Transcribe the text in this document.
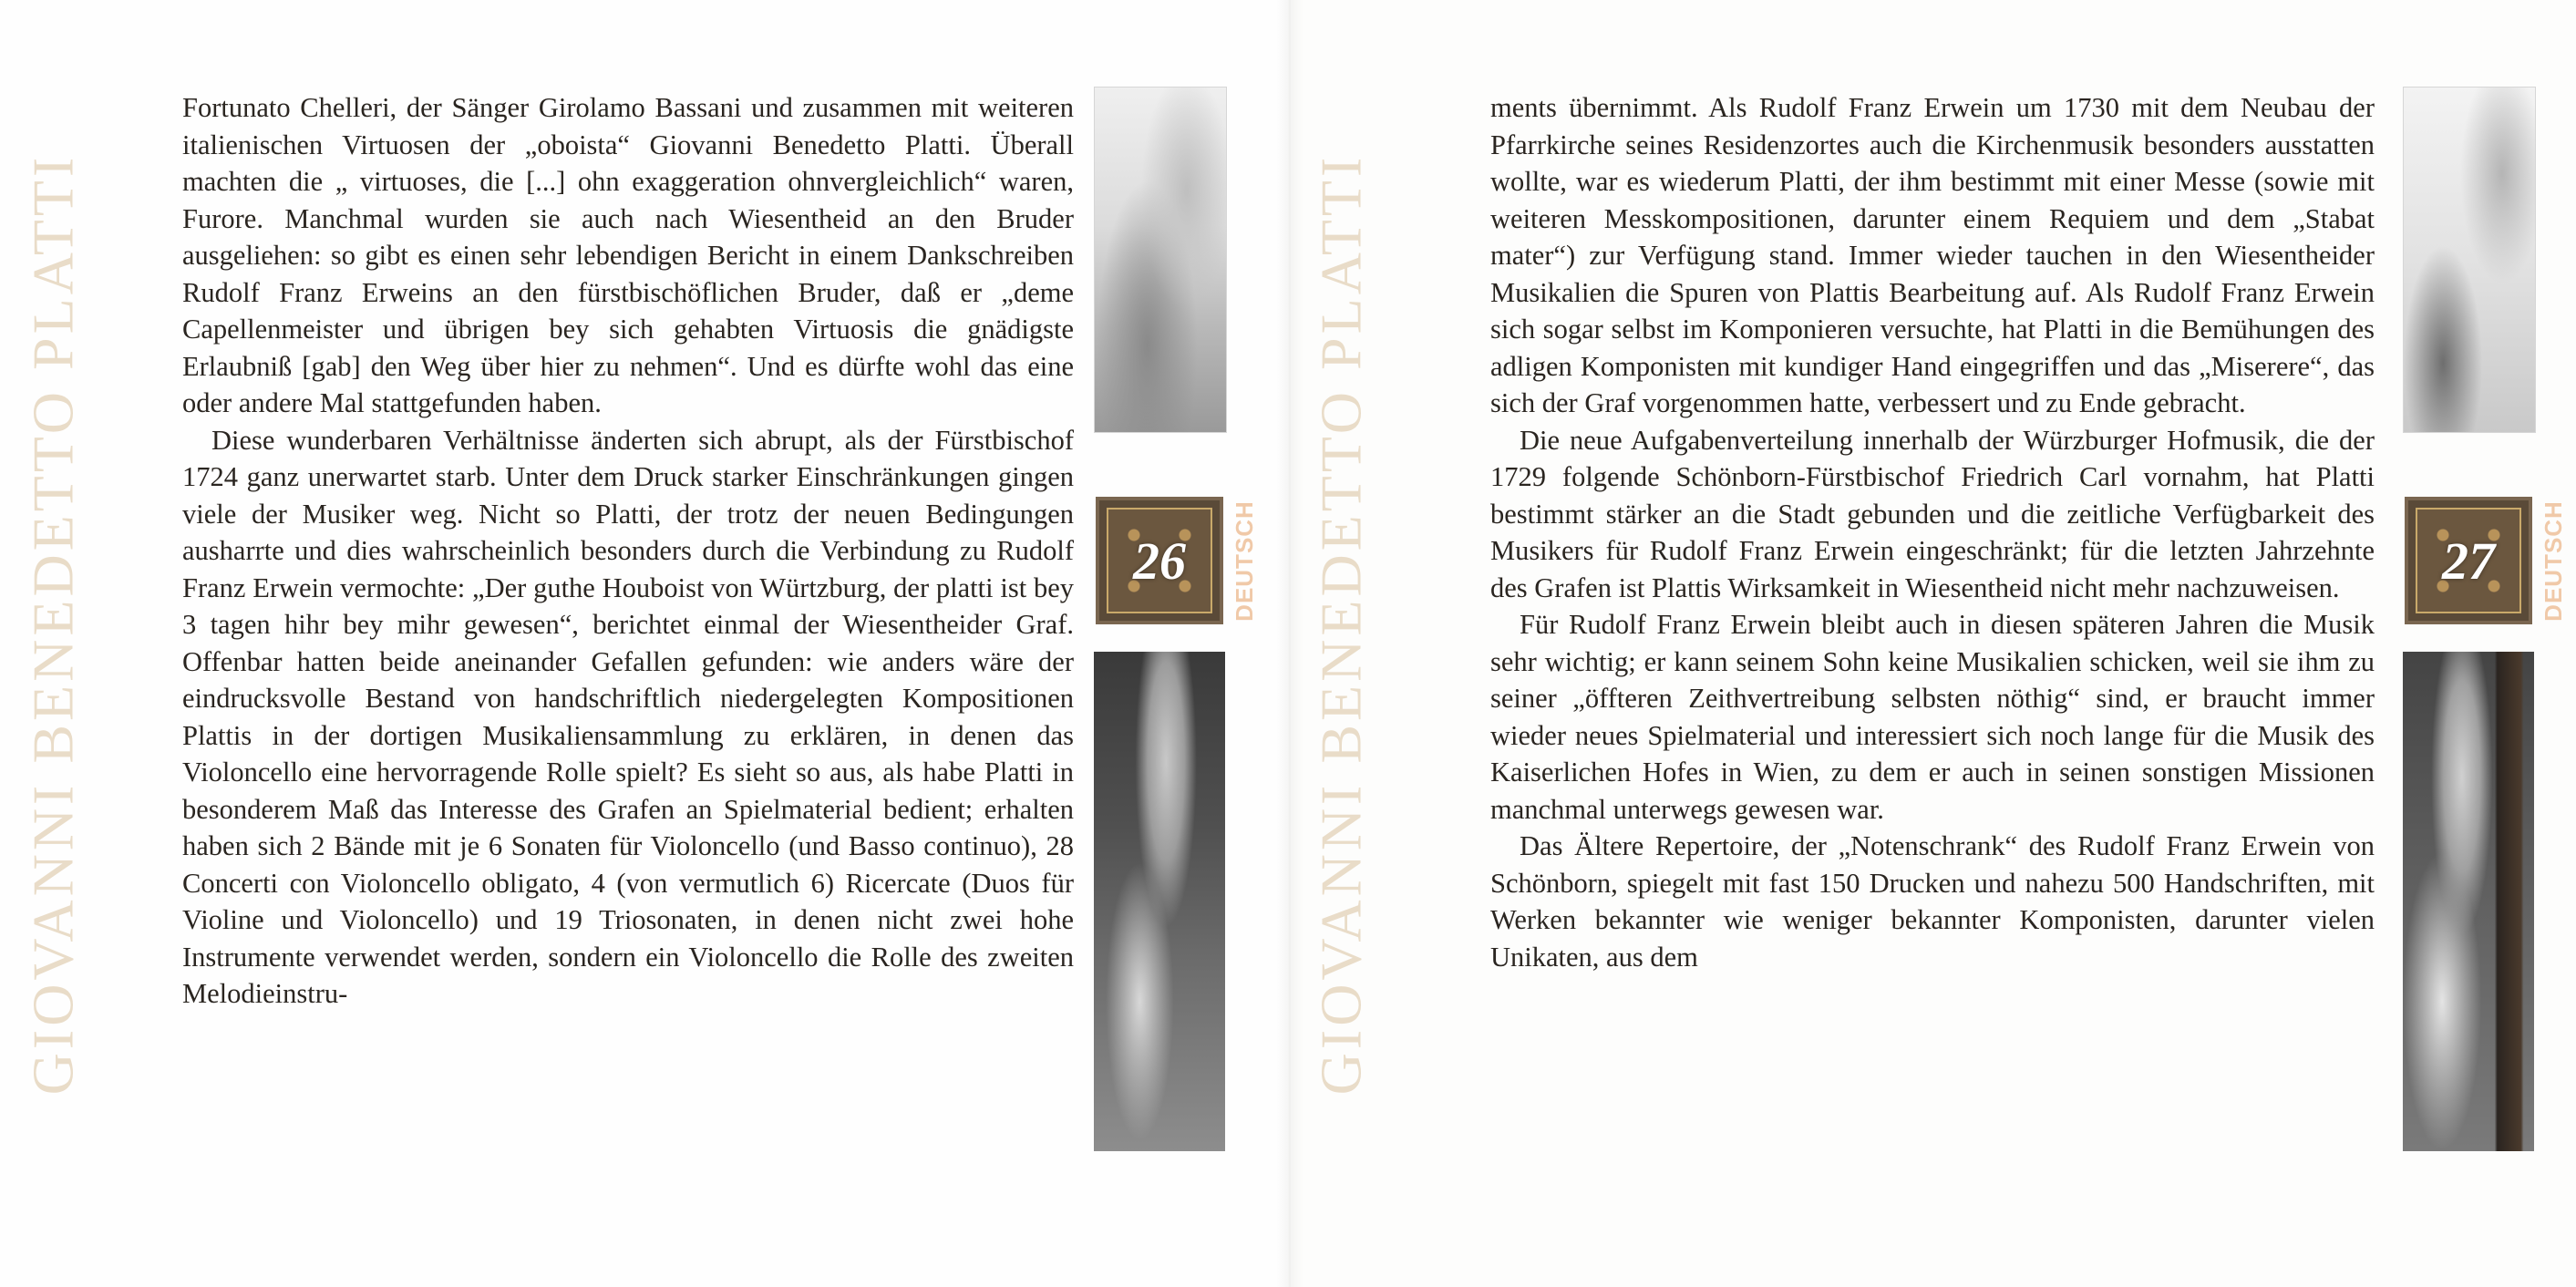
GIOVANNI BENEDETTO PLATTI

Fortunato Chelleri, der Sänger Girolamo Bassani und zusammen mit weiteren italienischen Virtuosen der „oboista“ Giovanni Benedetto Platti. Überall machten die „ virtuoses, die [...] ohn exaggeration ohnvergleichlich“ waren, Furore. Manchmal wurden sie auch nach Wiesentheid an den Bruder ausgeliehen: so gibt es einen sehr lebendigen Bericht in einem Dankschreiben Rudolf Franz Erweins an den fürstbischöflichen Bruder, daß er „deme Capellenmeister und übrigen bey sich gehabten Virtuosis die gnädigste Erlaubniß [gab] den Weg über hier zu nehmen“. Und es dürfte wohl das eine oder andere Mal stattgefunden haben.

Diese wunderbaren Verhältnisse änderten sich abrupt, als der Fürstbischof 1724 ganz unerwartet starb. Unter dem Druck starker Einschränkungen gingen viele der Musiker weg. Nicht so Platti, der trotz der neuen Bedingungen ausharrte und dies wahrscheinlich besonders durch die Verbindung zu Rudolf Franz Erwein vermochte: „Der guthe Houboist von Würtzburg, der platti ist bey 3 tagen hihr bey mihr gewesen“, berichtet einmal der Wiesentheider Graf. Offenbar hatten beide aneinander Gefallen gefunden: wie anders wäre der eindrucksvolle Bestand von handschriftlich niedergelegten Kompositionen Plattis in der dortigen Musikaliensammlung zu erklären, in denen das Violoncello eine hervorragende Rolle spielt? Es sieht so aus, als habe Platti in besonderem Maß das Interesse des Grafen an Spielmaterial bedient; erhalten haben sich 2 Bände mit je 6 Sonaten für Violoncello (und Basso continuo), 28 Concerti con Violoncello obligato, 4 (von vermutlich 6) Ricercate (Duos für Violine und Violoncello) und 19 Triosonaten, in denen nicht zwei hohe Instrumente verwendet werden, sondern ein Violoncello die Rolle des zweiten Melodieinstru-

26 DEUTSCH GIOVANNI BENEDETTO PLATTI

ments übernimmt. Als Rudolf Franz Erwein um 1730 mit dem Neubau der Pfarrkirche seines Residenzortes auch die Kirchenmusik besonders ausstatten wollte, war es wiederum Platti, der ihm bestimmt mit einer Messe (sowie mit weiteren Messkompositionen, darunter einem Requiem und dem „Stabat mater“) zur Verfügung stand. Immer wieder tauchen in den Wiesentheider Musikalien die Spuren von Plattis Bearbeitung auf. Als Rudolf Franz Erwein sich sogar selbst im Komponieren versuchte, hat Platti in die Bemühungen des adligen Komponisten mit kundiger Hand eingegriffen und das „Miserere“, das sich der Graf vorgenommen hatte, verbessert und zu Ende gebracht.

Die neue Aufgabenverteilung innerhalb der Würzburger Hofmusik, die der 1729 folgende Schönborn-Fürstbischof Friedrich Carl vornahm, hat Platti bestimmt stärker an die Stadt gebunden und die zeitliche Verfügbarkeit des Musikers für Rudolf Franz Erwein eingeschränkt; für die letzten Jahrzehnte des Grafen ist Plattis Wirksamkeit in Wiesentheid nicht mehr nachzuweisen.

Für Rudolf Franz Erwein bleibt auch in diesen späteren Jahren die Musik sehr wichtig; er kann seinem Sohn keine Musikalien schicken, weil sie ihm zu seiner „öffteren Zeithvertreibung selbsten nöthig“ sind, er braucht immer wieder neues Spielmaterial und interessiert sich noch lange für die Musik des Kaiserlichen Hofes in Wien, zu dem er auch in seinen sonstigen Missionen manchmal unterwegs gewesen war.

Das Ältere Repertoire, der „Notenschrank“ des Rudolf Franz Erwein von Schönborn, spiegelt mit fast 150 Drucken und nahezu 500 Handschriften, mit Werken bekannter wie weniger bekannter Komponisten, darunter vielen Unikaten, aus dem

27 DEUTSCH
